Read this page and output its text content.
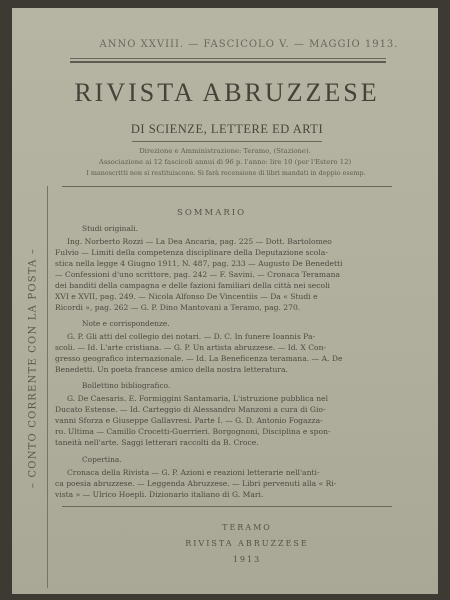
– CONTO CORRENTE CON LA POSTA –
ANNO XXVIII. — FASCICOLO V. — MAGGIO 1913.
RIVISTA ABRUZZESE
DI SCIENZE, LETTERE ED ARTI
Direzione e Amministrazione: Teramo, (Stazione).
Associazione ai 12 fascicoli annui di 96 p. l'anno: lire 10 (per l'Estero 12)
I manoscritti non si restituiscono. Si farà recensione di libri mandati in doppio esemp.
SOMMARIO
Studi originali.
Ing. Norberto Rozzi — La Dea Ancaria, pag. 225 — Dott. Bartolomeo
Fulvio — Limiti della competenza disciplinare della Deputazione scola-
stica nella legge 4 Giugno 1911, N. 487, pag. 233 — Augusto De Benedetti
— Confessioni d'uno scrittore, pag. 242 — F. Savini. — Cronaca Teramana
dei banditi della campagna e delle fazioni familiari della città nei secoli
XVI e XVII, pag. 249. — Nicola Alfonso De Vincentiis — Da « Studi e
Ricordi », pag. 262 — G. P. Dino Mantovani a Teramo, pag. 270.
Note e corrispondenze.
G. P. Gli atti del collegio dei notari. — D. C. In funere Ioannis Pa-
scoli. — Id. L'arte cristiana. — G. P. Un artista abruzzese. — Id. X Con-
gresso geografico internazionale. — Id. La Beneficenza teramana. — A. De
Benedetti. Un poeta francese amico della nostra letteratura.
Bollettino bibliografico.
G. De Caesaris. E. Formiggini Santamaria, L'istruzione pubblica nel
Ducato Estense. — Id. Carteggio di Alessandro Manzoni a cura di Gio-
vanni Sforza e Giuseppe Gallavresi. Parte I. — G. D. Antonio Fogazza-
ro. Ultima — Camillo Crocetti-Guerrieri. Borgognoni, Disciplina e spon-
taneità nell'arte. Saggi letterari raccolti da B. Croce.
Copertina.
Cronaca della Rivista — G. P. Azioni e reazioni letterarie nell'anti-
ca poesia abruzzese. — Leggenda Abruzzese. — Libri pervenuti alla « Ri-
vista » — Ulrico Hoepli. Dizionario italiano di G. Mari.
TERAMO
RIVISTA ABRUZZESE
1913
